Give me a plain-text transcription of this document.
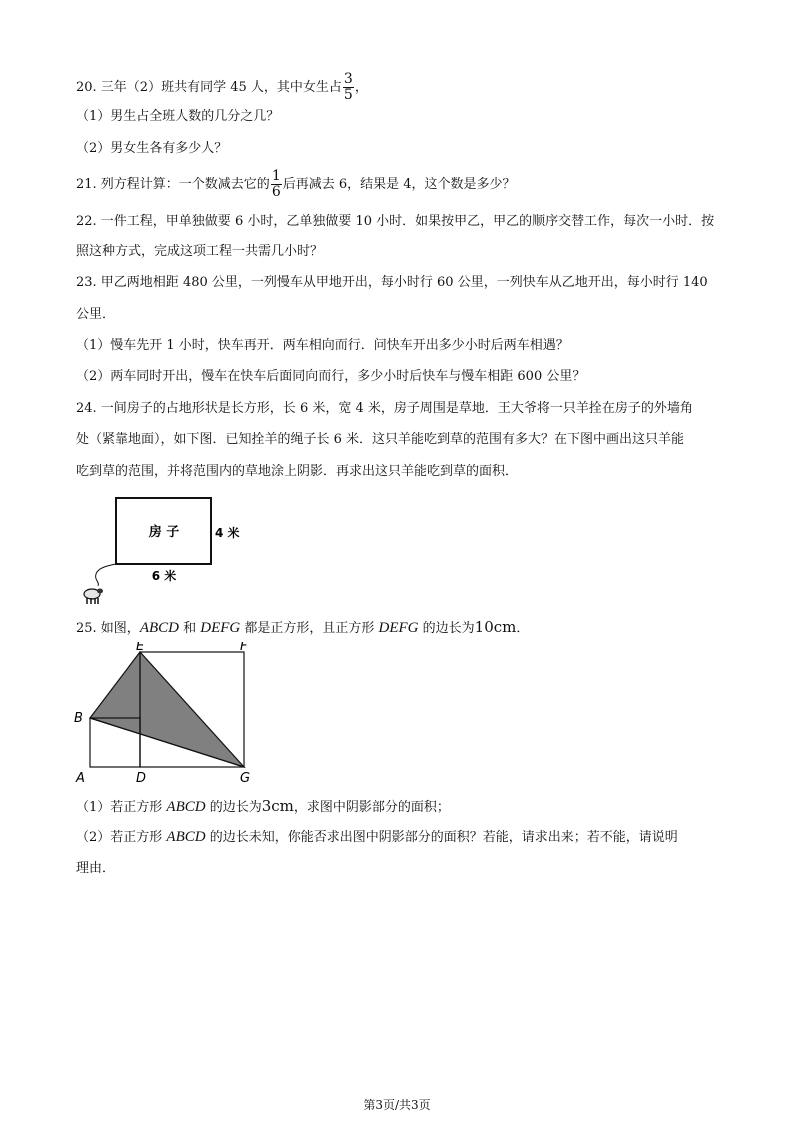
20. 三年（2）班共有同学 45 人，其中女生占 $\frac{3}{5}$ ，
（1）男生占全班人数的几分之几？
（2）男女生各有多少人？
21. 列方程计算：一个数减去它的 $\frac{1}{6}$ 后再减去 6，结果是 4，这个数是多少？
22. 一件工程，甲单独做要 6 小时，乙单独做要 10 小时．如果按甲乙，甲乙的顺序交替工作，每次一小时．按
照这种方式，完成这项工程一共需几小时？
23. 甲乙两地相距 480 公里，一列慢车从甲地开出，每小时行 60 公里，一列快车从乙地开出，每小时行 140
公里．
（1）慢车先开 1 小时，快车再开．两车相向而行．问快车开出多少小时后两车相遇？
（2）两车同时开出，慢车在快车后面同向而行，多少小时后快车与慢车相距 600 公里？
24. 一间房子的占地形状是长方形，长 6 米，宽 4 米，房子周围是草地．王大爷将一只羊拴在房子的外墙角
处（紧靠地面），如下图．已知拴羊的绳子长 6 米．这只羊能吃到草的范围有多大？在下图中画出这只羊能
吃到草的范围，并将范围内的草地涂上阴影．再求出这只羊能吃到草的面积．
房 子	4 米
6 米
25. 如图，ABCD 和 DEFG 都是正方形，且正方形 DEFG 的边长为10cm．
E	F
B
A	D	G
（1）若正方形 ABCD 的边长为3cm，求图中阴影部分的面积；
（2）若正方形 ABCD 的边长未知，你能否求出图中阴影部分的面积？若能，请求出来；若不能，请说明
理由．
第3页/共3页
